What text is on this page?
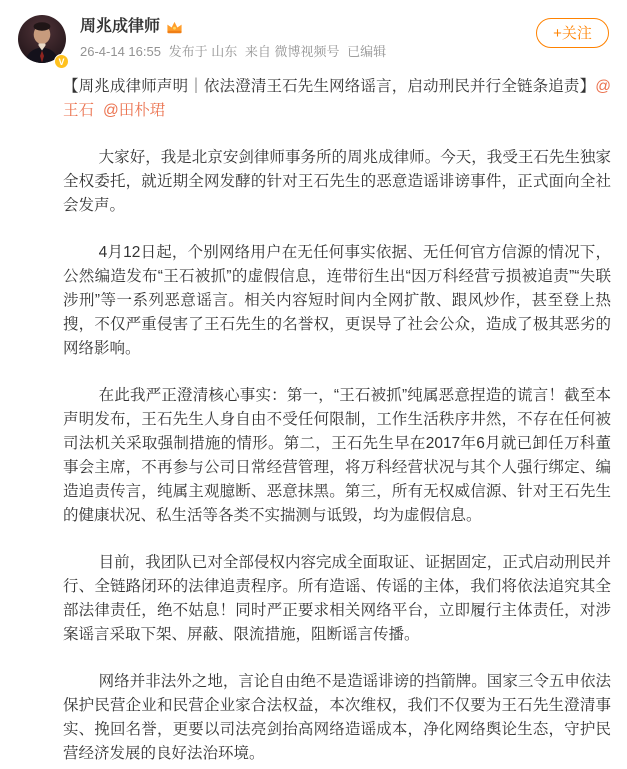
V
周兆成律师
26-4-14 16:55 发布于 山东 来自 微博视频号 已编辑
+关注

【周兆成律师声明｜依法澄清王石先生网络谣言，启动刑民并行全链条追责】@王石 @田朴珺

大家好，我是北京安剑律师事务所的周兆成律师。今天，我受王石先生独家全权委托，就近期全网发酵的针对王石先生的恶意造谣诽谤事件，正式面向全社会发声。

4月12日起，个别网络用户在无任何事实依据、无任何官方信源的情况下，公然编造发布“王石被抓”的虚假信息，连带衍生出“因万科经营亏损被追责”“失联涉刑”等一系列恶意谣言。相关内容短时间内全网扩散、跟风炒作，甚至登上热搜，不仅严重侵害了王石先生的名誉权，更误导了社会公众，造成了极其恶劣的网络影响。

在此我严正澄清核心事实：第一，“王石被抓”纯属恶意捏造的谎言！截至本声明发布，王石先生人身自由不受任何限制，工作生活秩序井然，不存在任何被司法机关采取强制措施的情形。第二，王石先生早在2017年6月就已卸任万科董事会主席，不再参与公司日常经营管理，将万科经营状况与其个人强行绑定、编造追责传言，纯属主观臆断、恶意抹黑。第三，所有无权威信源、针对王石先生的健康状况、私生活等各类不实揣测与诋毁，均为虚假信息。

目前，我团队已对全部侵权内容完成全面取证、证据固定，正式启动刑民并行、全链路闭环的法律追责程序。所有造谣、传谣的主体，我们将依法追究其全部法律责任，绝不姑息！同时严正要求相关网络平台，立即履行主体责任，对涉案谣言采取下架、屏蔽、限流措施，阻断谣言传播。

网络并非法外之地，言论自由绝不是造谣诽谤的挡箭牌。国家三令五申依法保护民营企业和民营企业家合法权益，本次维权，我们不仅要为王石先生澄清事实、挽回名誉，更要以司法亮剑抬高网络造谣成本，净化网络舆论生态，守护民营经济发展的良好法治环境。
